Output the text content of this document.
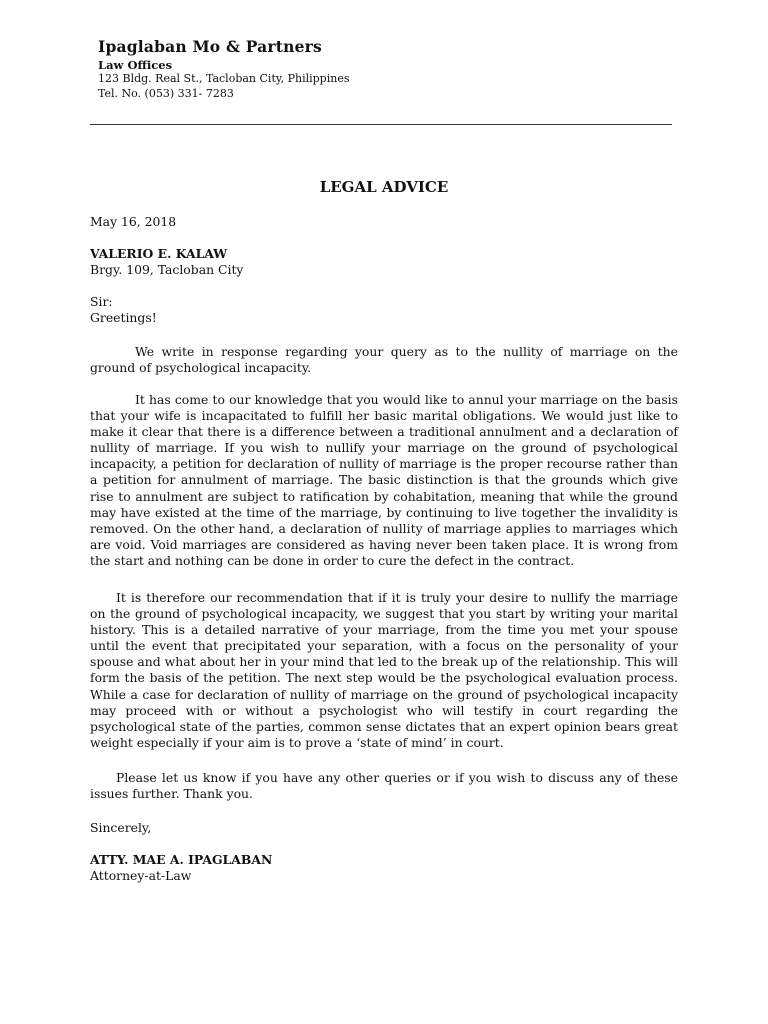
Ipaglaban Mo & Partners
Law Offices
123 Bldg. Real St., Tacloban City, Philippines
Tel. No. (053) 331- 7283
LEGAL ADVICE
May 16, 2018
VALERIO E. KALAW
Brgy. 109, Tacloban City
Sir:
Greetings!

We write in response regarding your query as to the nullity of marriage on the ground of psychological incapacity.

It has come to our knowledge that you would like to annul your marriage on the basis that your wife is incapacitated to fulfill her basic marital obligations. We would just like to make it clear that there is a difference between a traditional annulment and a declaration of nullity of marriage. If you wish to nullify your marriage on the ground of psychological incapacity, a petition for declaration of nullity of marriage is the proper recourse rather than a petition for annulment of marriage. The basic distinction is that the grounds which give rise to annulment are subject to ratification by cohabitation, meaning that while the ground may have existed at the time of the marriage, by continuing to live together the invalidity is removed. On the other hand, a declaration of nullity of marriage applies to marriages which are void. Void marriages are considered as having never been taken place. It is wrong from the start and nothing can be done in order to cure the defect in the contract.

It is therefore our recommendation that if it is truly your desire to nullify the marriage on the ground of psychological incapacity, we suggest that you start by writing your marital history. This is a detailed narrative of your marriage, from the time you met your spouse until the event that precipitated your separation, with a focus on the personality of your spouse and what about her in your mind that led to the break up of the relationship. This will form the basis of the petition. The next step would be the psychological evaluation process. While a case for declaration of nullity of marriage on the ground of psychological incapacity may proceed with or without a psychologist who will testify in court regarding the psychological state of the parties, common sense dictates that an expert opinion bears great weight especially if your aim is to prove a ‘state of mind’ in court.

Please let us know if you have any other queries or if you wish to discuss any of these issues further. Thank you.

Sincerely,
ATTY. MAE A. IPAGLABAN
Attorney-at-Law
